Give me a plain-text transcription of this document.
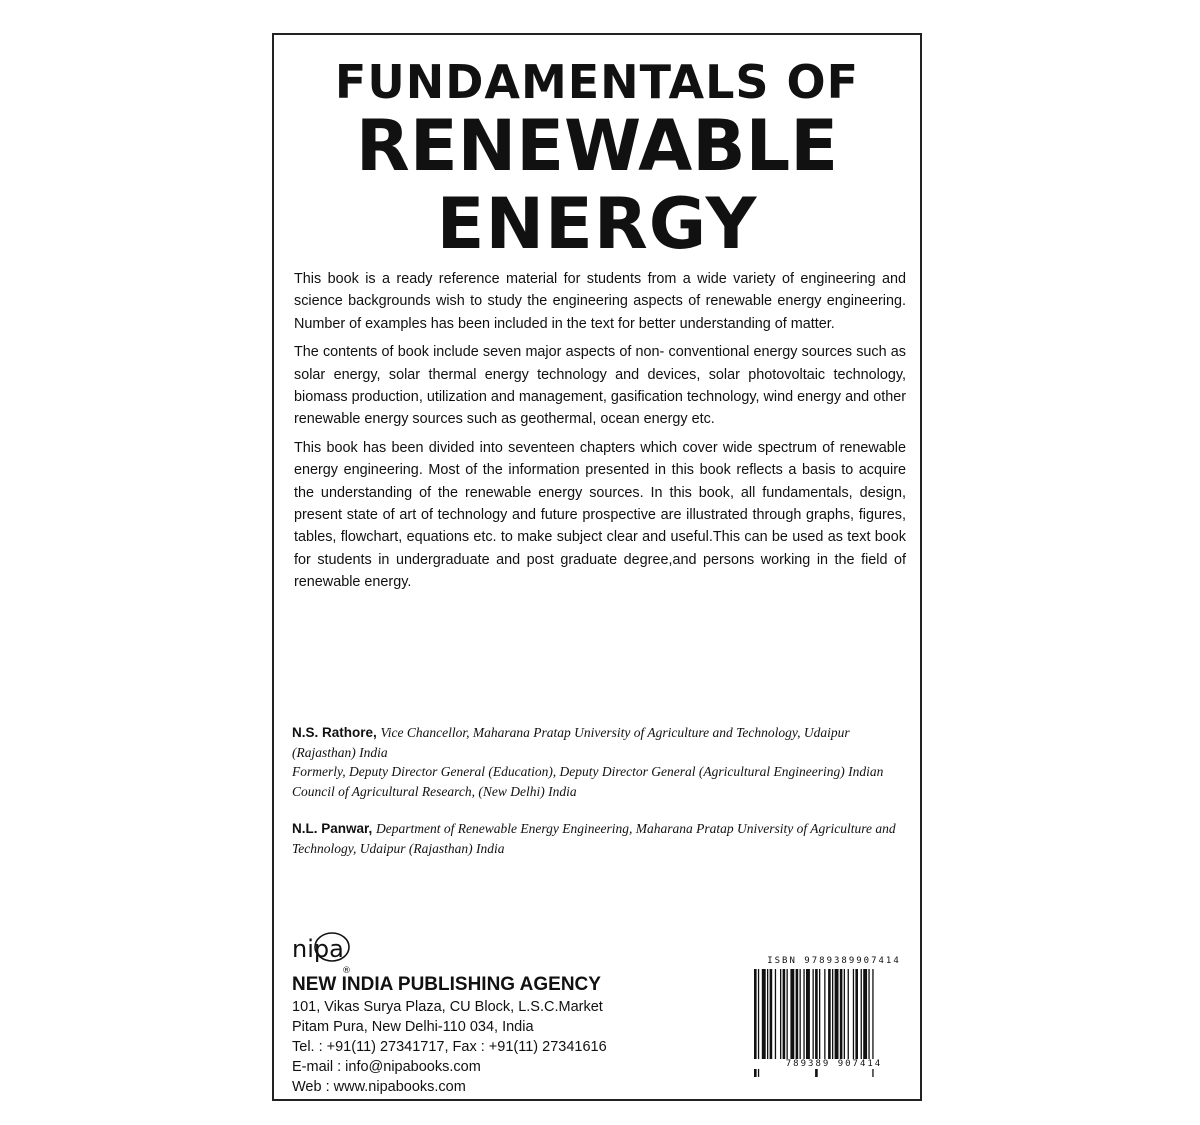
FUNDAMENTALS OF
RENEWABLE
ENERGY

This book is a ready reference material for students from a wide variety of engineering and science backgrounds wish to study the engineering aspects of renewable energy engineering. Number of examples has been included in the text for better understanding of matter.

The contents of book include seven major aspects of non- conventional energy sources such as solar energy, solar thermal energy technology and devices, solar photovoltaic technology, biomass production, utilization and management, gasification technology, wind energy and other renewable energy sources such as geothermal, ocean energy etc.

This book has been divided into seventeen chapters which cover wide spectrum of renewable energy engineering. Most of the information presented in this book reflects a basis to acquire the understanding of the renewable energy sources. In this book, all fundamentals, design, present state of art of technology and future prospective are illustrated through graphs, figures, tables, flowchart, equations etc. to make subject clear and useful.This can be used as text book for students in undergraduate and post graduate degree,and persons working in the field of renewable energy.

N.S. Rathore, Vice Chancellor, Maharana Pratap University of Agriculture and Technology, Udaipur (Rajasthan) India
Formerly, Deputy Director General (Education), Deputy Director General (Agricultural Engineering) Indian Council of Agricultural Research, (New Delhi) India

N.L. Panwar, Department of Renewable Energy Engineering, Maharana Pratap University of Agriculture and Technology, Udaipur (Rajasthan) India

nipa
®
NEW INDIA PUBLISHING AGENCY
101, Vikas Surya Plaza, CU Block, L.S.C.Market
Pitam Pura, New Delhi-110 034, India
Tel. : +91(11) 27341717, Fax : +91(11) 27341616
E-mail : info@nipabooks.com
Web : www.nipabooks.com
ISBN 9789389907414
789389 907414
